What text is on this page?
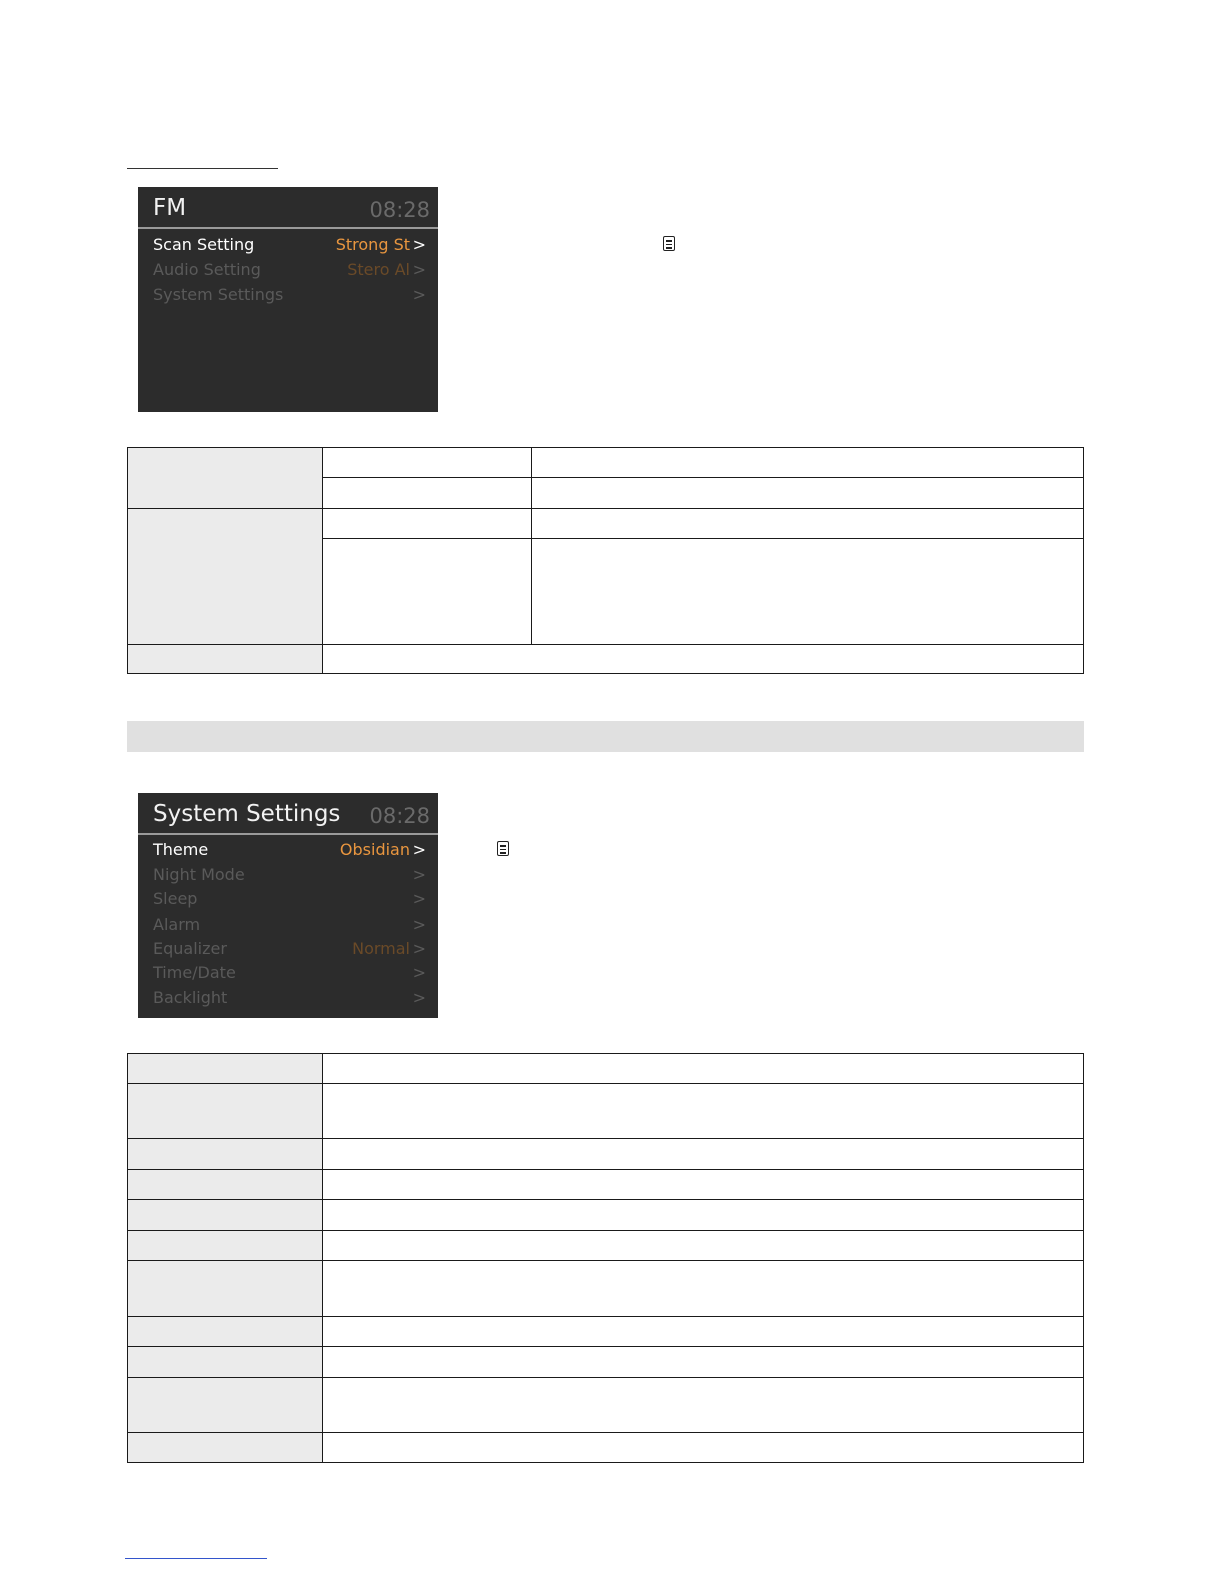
FM	08:28
Scan Setting	Strong St >
Audio Setting	Stero Al >
System Settings	>

System Settings 08:28
Theme	Obsidian >
Night Mode	>
Sleep	>
Alarm	>
Equalizer	Normal >
Time/Date	>
Backlight	>
